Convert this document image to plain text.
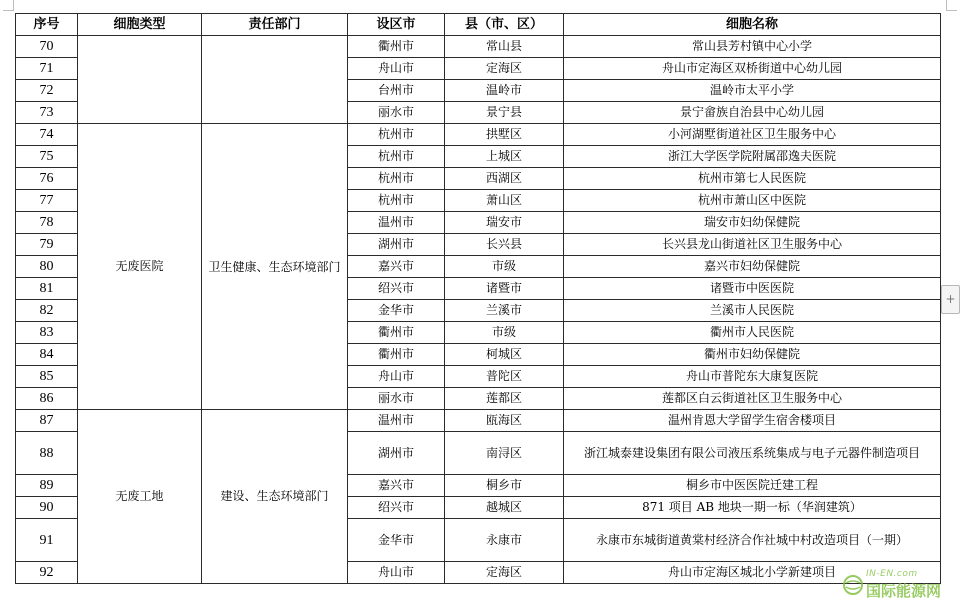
序号	细胞类型	责任部门	设区市	县（市、区）	细胞名称
70			衢州市	常山县	常山县芳村镇中心小学
71			舟山市	定海区	舟山市定海区双桥街道中心幼儿园
72			台州市	温岭市	温岭市太平小学
73			丽水市	景宁县	景宁畲族自治县中心幼儿园
74	无废医院	卫生健康、生态环境部门	杭州市	拱墅区	小河湖墅街道社区卫生服务中心
75			杭州市	上城区	浙江大学医学院附属邵逸夫医院
76			杭州市	西湖区	杭州市第七人民医院
77			杭州市	萧山区	杭州市萧山区中医院
78			温州市	瑞安市	瑞安市妇幼保健院
79			湖州市	长兴县	长兴县龙山街道社区卫生服务中心
80			嘉兴市	市级	嘉兴市妇幼保健院
81			绍兴市	诸暨市	诸暨市中医医院
82			金华市	兰溪市	兰溪市人民医院
83			衢州市	市级	衢州市人民医院
84			衢州市	柯城区	衢州市妇幼保健院
85			舟山市	普陀区	舟山市普陀东大康复医院
86			丽水市	莲都区	莲都区白云街道社区卫生服务中心
87	无废工地	建设、生态环境部门	温州市	瓯海区	温州肯恩大学留学生宿舍楼项目
88			湖州市	南浔区	浙江城泰建设集团有限公司液压系统集成与电子元器件制造项目
89			嘉兴市	桐乡市	桐乡市中医医院迁建工程
90			绍兴市	越城区	871 项目 AB 地块一期一标（华润建筑）
91			金华市	永康市	永康市东城街道黄棠村经济合作社城中村改造项目（一期）
92			舟山市	定海区	舟山市定海区城北小学新建项目
+
IN-EN.com
国际能源网
